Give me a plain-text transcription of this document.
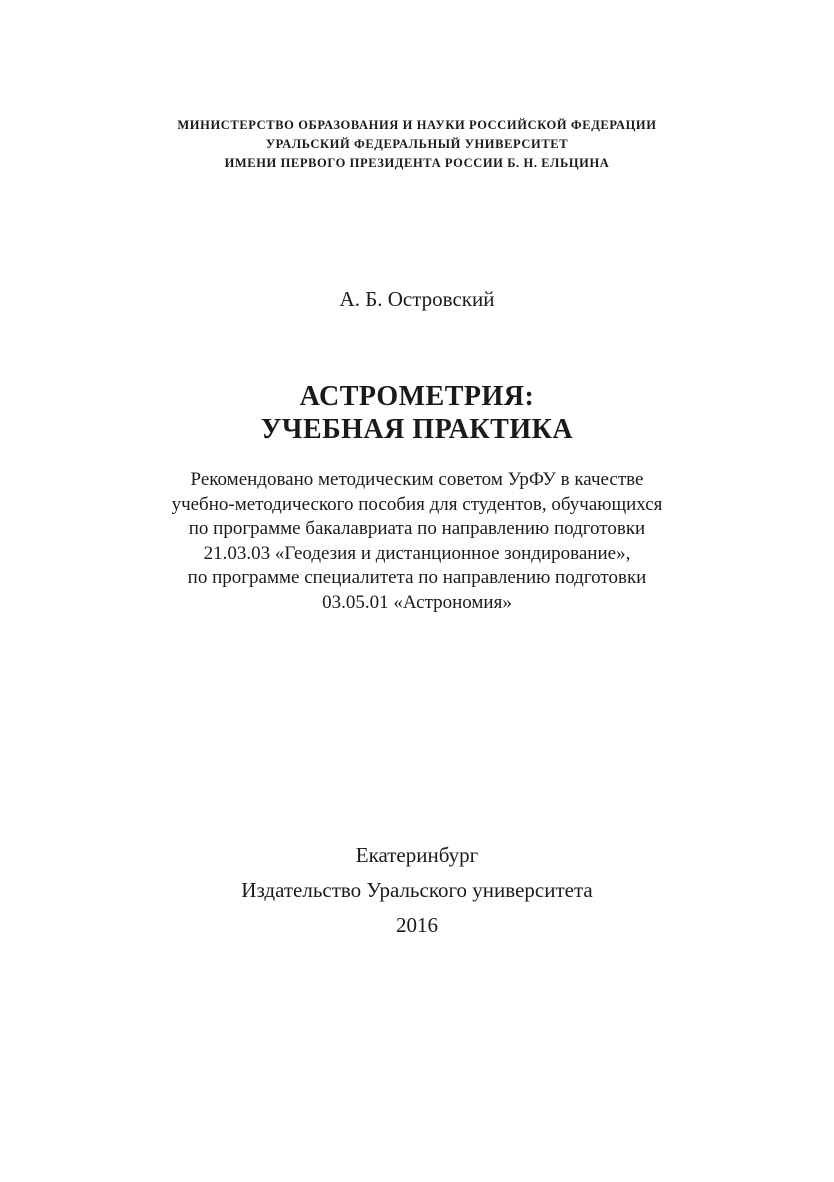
МИНИСТЕРСТВО ОБРАЗОВАНИЯ И НАУКИ РОССИЙСКОЙ ФЕДЕРАЦИИ
УРАЛЬСКИЙ ФЕДЕРАЛЬНЫЙ УНИВЕРСИТЕТ
ИМЕНИ ПЕРВОГО ПРЕЗИДЕНТА РОССИИ Б. Н. ЕЛЬЦИНА
А. Б. Островский
АСТРОМЕТРИЯ:
УЧЕБНАЯ ПРАКТИКА
Рекомендовано методическим советом УрФУ в качестве
учебно-методического пособия для студентов, обучающихся
по программе бакалавриата по направлению подготовки
21.03.03 «Геодезия и дистанционное зондирование»,
по программе специалитета по направлению подготовки
03.05.01 «Астрономия»
Екатеринбург
Издательство Уральского университета
2016
